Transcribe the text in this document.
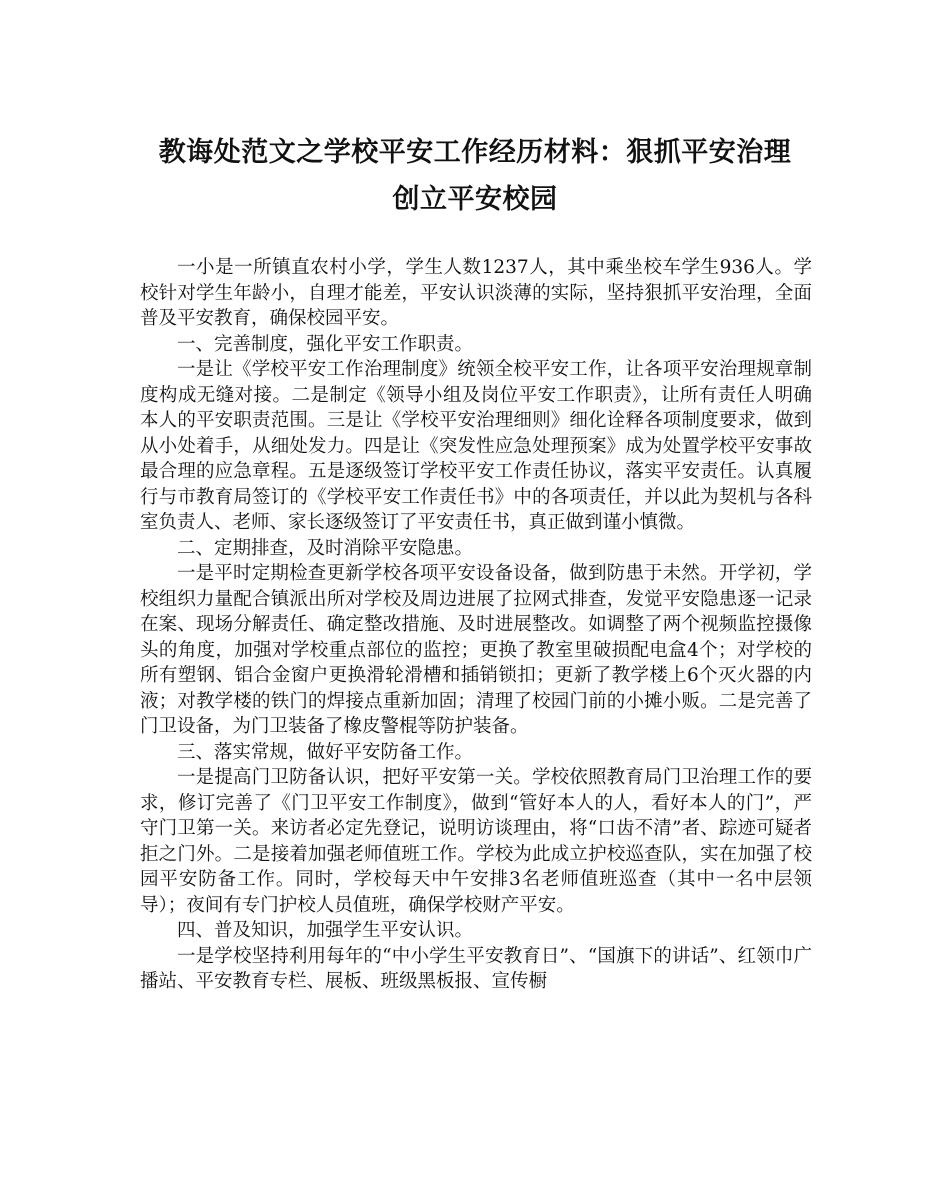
教诲处范文之学校平安工作经历材料：狠抓平安治理
创立平安校园

一小是一所镇直农村小学，学生人数1237人，其中乘坐校车学生936人。学校针对学生年龄小，自理才能差，平安认识淡薄的实际，坚持狠抓平安治理，全面普及平安教育，确保校园平安。

一、完善制度，强化平安工作职责。

一是让《学校平安工作治理制度》统领全校平安工作，让各项平安治理规章制度构成无缝对接。二是制定《领导小组及岗位平安工作职责》，让所有责任人明确本人的平安职责范围。三是让《学校平安治理细则》细化诠释各项制度要求，做到从小处着手，从细处发力。四是让《突发性应急处理预案》成为处置学校平安事故最合理的应急章程。五是逐级签订学校平安工作责任协议，落实平安责任。认真履行与市教育局签订的《学校平安工作责任书》中的各项责任，并以此为契机与各科室负责人、老师、家长逐级签订了平安责任书，真正做到谨小慎微。

二、定期排查，及时消除平安隐患。

一是平时定期检查更新学校各项平安设备设备，做到防患于未然。开学初，学校组织力量配合镇派出所对学校及周边进展了拉网式排查，发觉平安隐患逐一记录在案、现场分解责任、确定整改措施、及时进展整改。如调整了两个视频监控摄像头的角度，加强对学校重点部位的监控；更换了教室里破损配电盒4个；对学校的所有塑钢、铝合金窗户更换滑轮滑槽和插销锁扣；更新了教学楼上6个灭火器的内液；对教学楼的铁门的焊接点重新加固；清理了校园门前的小摊小贩。二是完善了门卫设备，为门卫装备了橡皮警棍等防护装备。

三、落实常规，做好平安防备工作。

一是提高门卫防备认识，把好平安第一关。学校依照教育局门卫治理工作的要求，修订完善了《门卫平安工作制度》，做到“管好本人的人，看好本人的门”，严守门卫第一关。来访者必定先登记，说明访谈理由，将“口齿不清”者、踪迹可疑者拒之门外。二是接着加强老师值班工作。学校为此成立护校巡查队，实在加强了校园平安防备工作。同时，学校每天中午安排3名老师值班巡查（其中一名中层领导）；夜间有专门护校人员值班，确保学校财产平安。

四、普及知识，加强学生平安认识。

一是学校坚持利用每年的“中小学生平安教育日”、“国旗下的讲话”、红领巾广播站、平安教育专栏、展板、班级黑板报、宣传橱
